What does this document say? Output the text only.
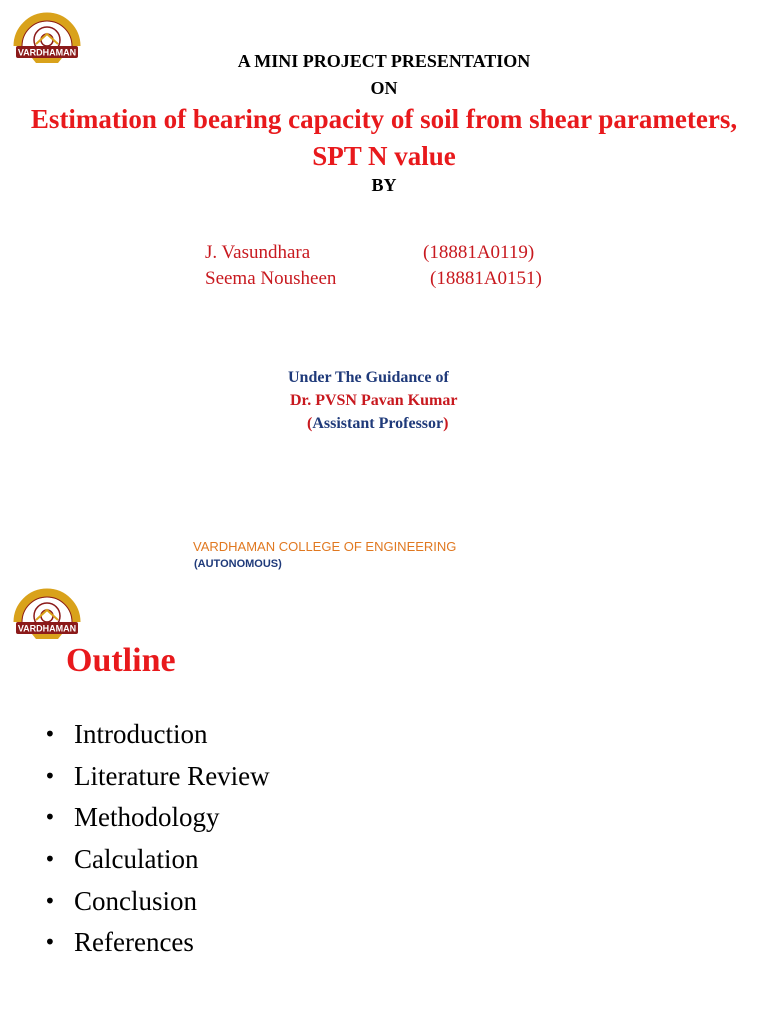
VARDHAMAN	A MINI PROJECT PRESENTATION
ON
Estimation of bearing capacity of soil from shear parameters, SPT N value
BY
J. Vasundhara	(18881A0119)
Seema Nousheen	(18881A0151)
Under The Guidance of
Dr. PVSN Pavan Kumar
(Assistant Professor)
VARDHAMAN COLLEGE OF ENGINEERING
(AUTONOMOUS)
VARDHAMAN
Outline
• Introduction
• Literature Review
• Methodology
• Calculation
• Conclusion
• References
